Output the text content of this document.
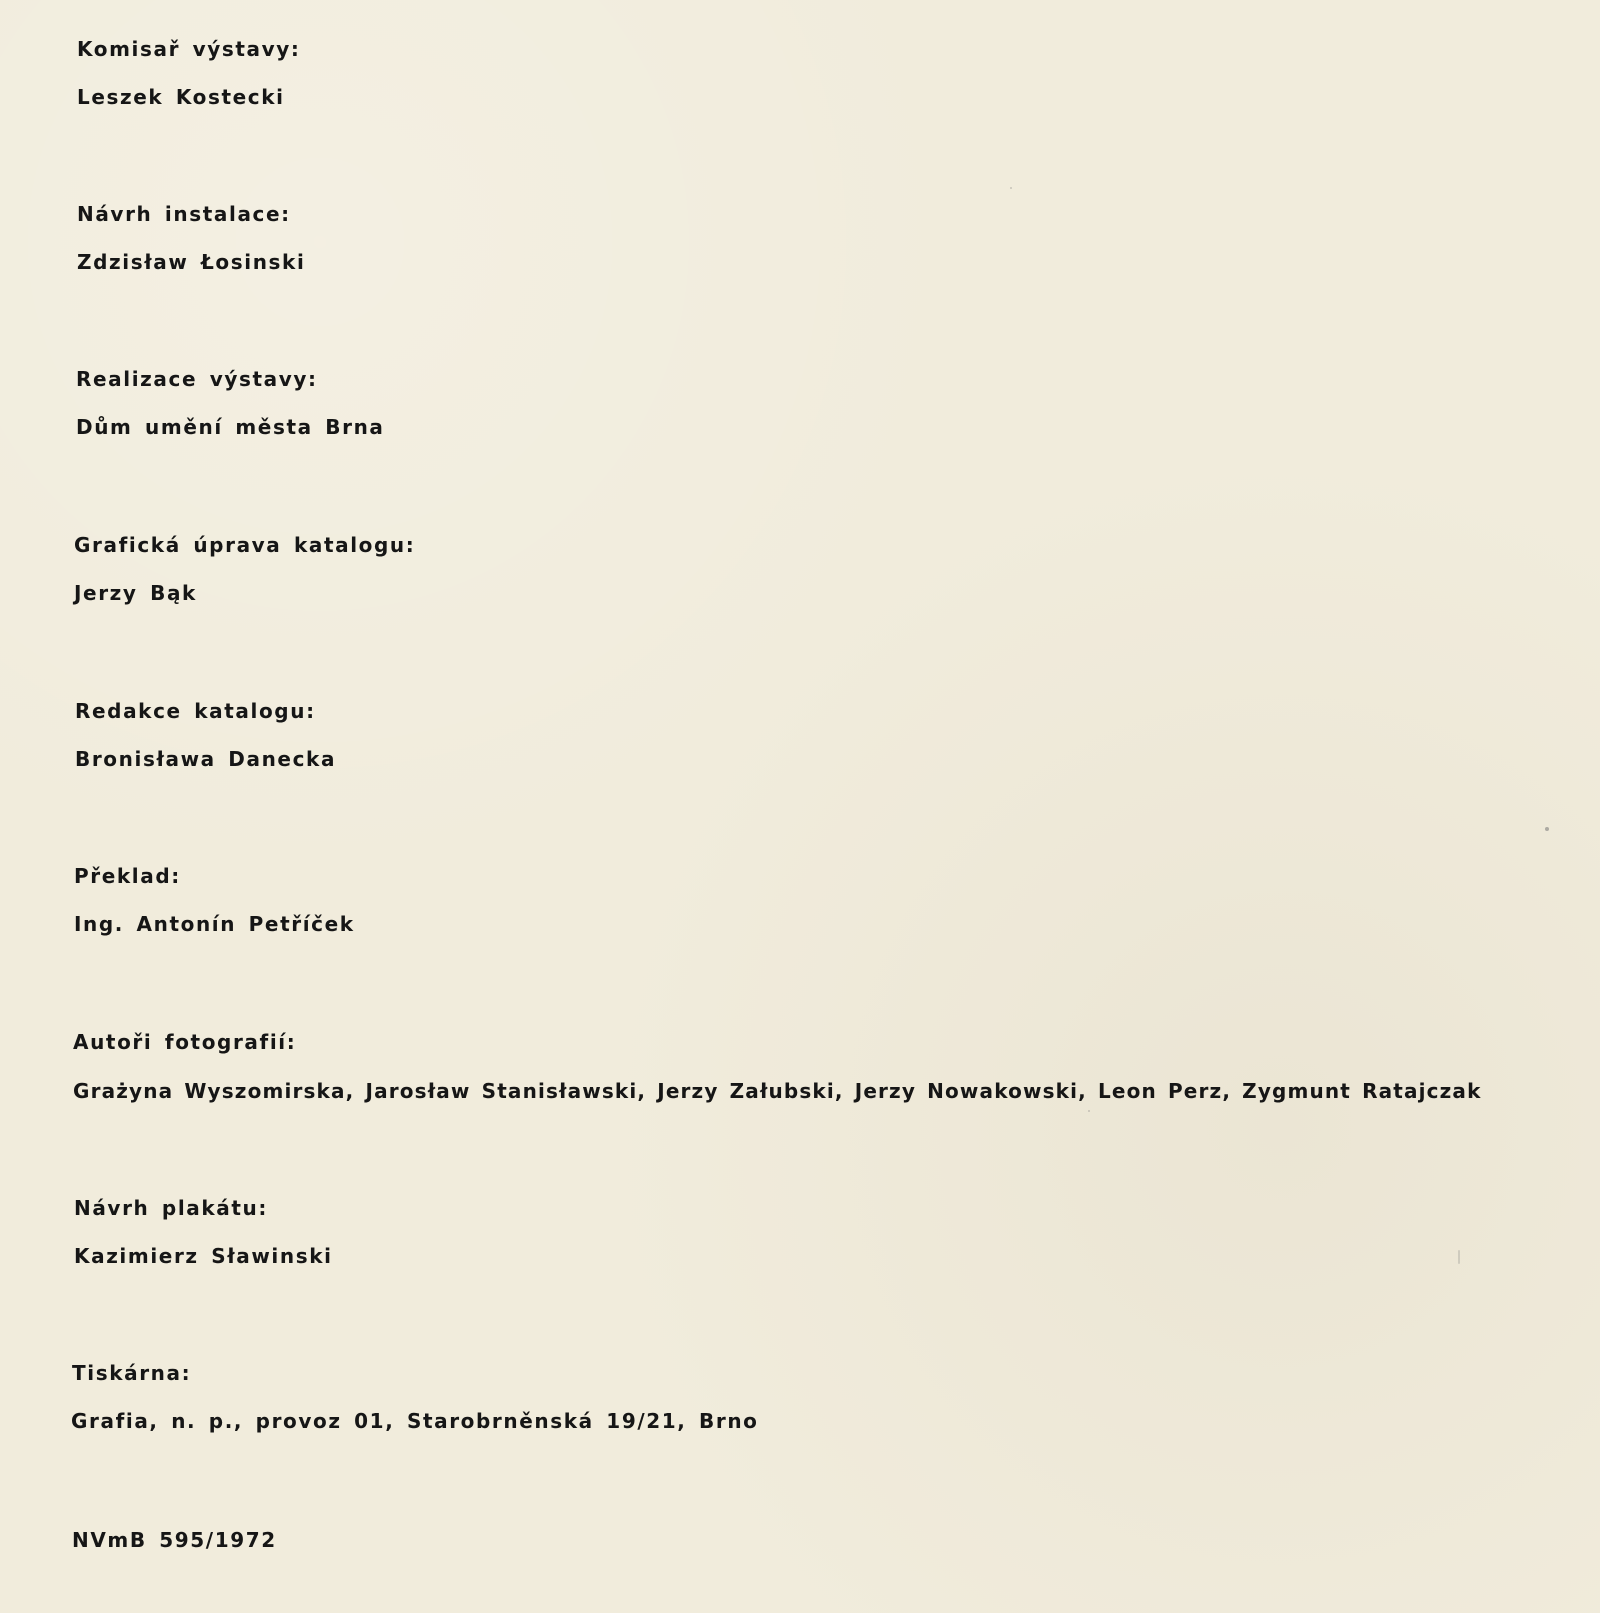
Komisař výstavy:
Leszek Kostecki
Návrh instalace:
Zdzisław Łosinski
Realizace výstavy:
Dům umění města Brna
Grafická úprava katalogu:
Jerzy Bąk
Redakce katalogu:
Bronisława Danecka
Překlad:
Ing. Antonín Petříček
Autoři fotografií:
Grażyna Wyszomirska, Jarosław Stanisławski, Jerzy Załubski, Jerzy Nowakowski, Leon Perz, Zygmunt Ratajczak
Návrh plakátu:
Kazimierz Sławinski
Tiskárna:
Grafia, n. p., provoz 01, Starobrněnská 19/21, Brno
NVmB 595/1972
